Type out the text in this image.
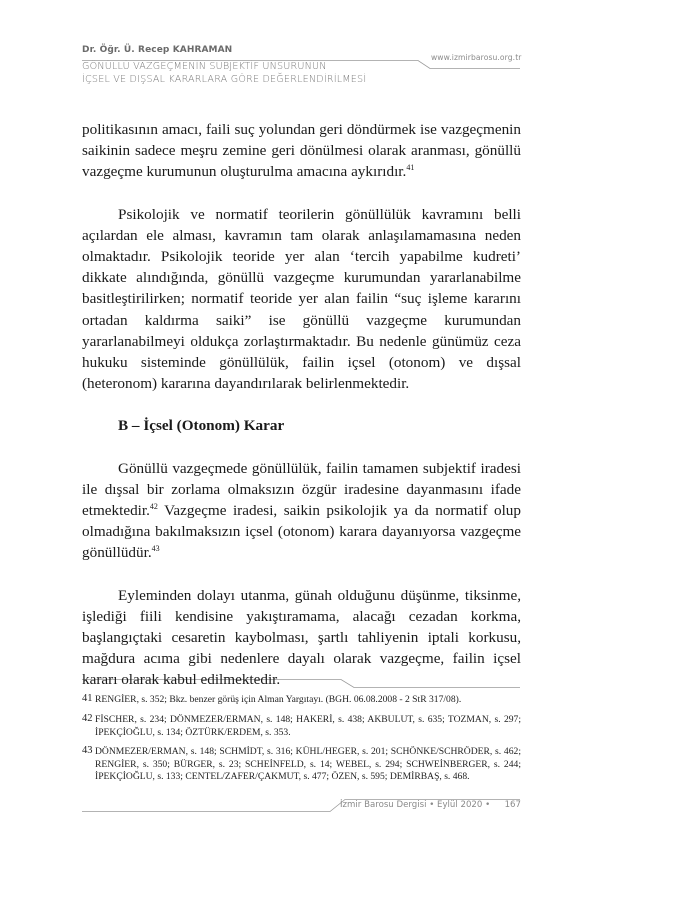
Dr. Öğr. Ü. Recep KAHRAMAN
GÖNÜLLÜ VAZGEÇMENİN SUBJEKTİF UNSURUNUN
İÇSEL VE DIŞSAL KARARLARA GÖRE DEĞERLENDİRİLMESİ
www.izmirbarosu.org.tr

politikasının amacı, faili suç yolundan geri döndürmek ise vazgeçmenin saikinin sadece meşru zemine geri dönülmesi olarak aranması, gönüllü vazgeçme kurumunun oluşturulma amacına aykırıdır.$^{41}$

Psikolojik ve normatif teorilerin gönüllülük kavramını belli açılardan ele alması, kavramın tam olarak anlaşılamamasına neden olmaktadır. Psikolojik teoride yer alan ‘tercih yapabilme kudreti’ dikkate alındığında, gönüllü vazgeçme kurumundan yararlanabilme basitleştirilirken; normatif teoride yer alan failin “suç işleme kararını ortadan kaldırma saiki” ise gönüllü vazgeçme kurumundan yararlanabilmeyi oldukça zorlaştırmaktadır. Bu nedenle günümüz ceza hukuku sisteminde gönüllülük, failin içsel (otonom) ve dışsal (heteronom) kararına dayandırılarak belirlenmektedir.

B – İçsel (Otonom) Karar

Gönüllü vazgeçmede gönüllülük, failin tamamen subjektif iradesi ile dışsal bir zorlama olmaksızın özgür iradesine dayanmasını ifade etmektedir.$^{42}$ Vazgeçme iradesi, saikin psikolojik ya da normatif olup olmadığına bakılmaksızın içsel (otonom) karara dayanıyorsa vazgeçme gönüllüdür.$^{43}$

Eyleminden dolayı utanma, günah olduğunu düşünme, tiksinme, işlediği fiili kendisine yakıştıramama, alacağı cezadan korkma, başlangıçtaki cesaretin kaybolması, şartlı tahliyenin iptali korkusu, mağdura acıma gibi nedenlere dayalı olarak vazgeçme, failin içsel kararı olarak kabul edilmektedir.

41 RENGİER, s. 352; Bkz. benzer görüş için Alman Yargıtayı. (BGH. 06.08.2008 - 2 StR 317/08).
42 FİSCHER, s. 234; DÖNMEZER/ERMAN, s. 148; HAKERİ, s. 438; AKBULUT, s. 635; TOZMAN, s. 297; İPEKÇİOĞLU, s. 134; ÖZTÜRK/ERDEM, s. 353.
43 DÖNMEZER/ERMAN, s. 148; SCHMİDT, s. 316; KÜHL/HEGER, s. 201; SCHÖNKE/SCHRÖDER, s. 462; RENGİER, s. 350; BÜRGER, s. 23; SCHEİNFELD, s. 14; WEBEL, s. 294; SCHWEİNBERGER, s. 244; İPEKÇİOĞLU, s. 133; CENTEL/ZAFER/ÇAKMUT, s. 477; ÖZEN, s. 595; DEMİRBAŞ, s. 468.
İzmir Barosu Dergisi • Eylül 2020 • 167
